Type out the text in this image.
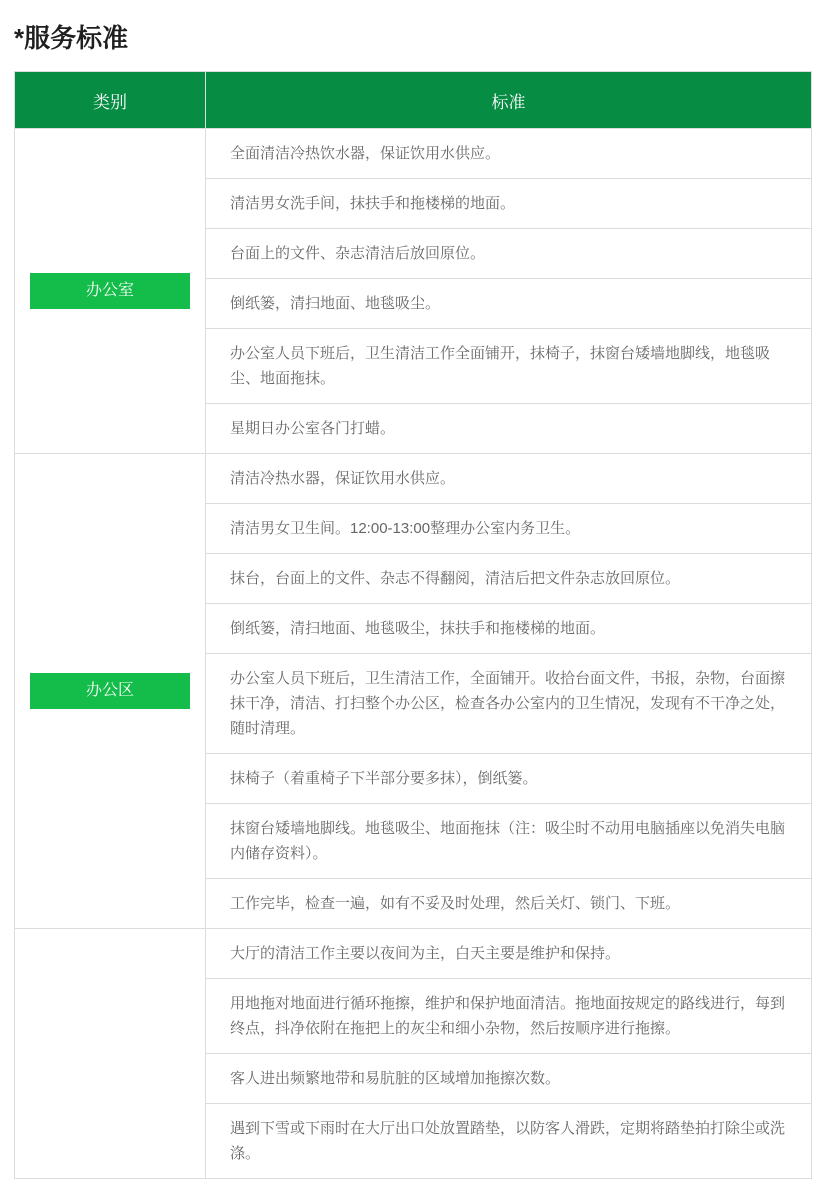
*服务标准
类别	标准
办公室	全面清洁冷热饮水器，保证饮用水供应。
	清洁男女洗手间，抹扶手和拖楼梯的地面。
	台面上的文件、杂志清洁后放回原位。
	倒纸篓，清扫地面、地毯吸尘。
	办公室人员下班后，卫生清洁工作全面铺开，抹椅子，抹窗台矮墙地脚线，地毯吸尘、地面拖抹。
	星期日办公室各门打蜡。
办公区	清洁冷热水器，保证饮用水供应。
	清洁男女卫生间。12:00-13:00整理办公室内务卫生。
	抹台，台面上的文件、杂志不得翻阅，清洁后把文件杂志放回原位。
	倒纸篓，清扫地面、地毯吸尘，抹扶手和拖楼梯的地面。
	办公室人员下班后，卫生清洁工作，全面铺开。收拾台面文件，书报，杂物，台面擦抹干净，清洁、打扫整个办公区，检查各办公室内的卫生情况，发现有不干净之处，随时清理。
	抹椅子（着重椅子下半部分要多抹），倒纸篓。
	抹窗台矮墙地脚线。地毯吸尘、地面拖抹（注：吸尘时不动用电脑插座以免消失电脑内储存资料）。
	工作完毕，检查一遍，如有不妥及时处理，然后关灯、锁门、下班。
	大厅的清洁工作主要以夜间为主，白天主要是维护和保持。
	用地拖对地面进行循环拖擦，维护和保护地面清洁。拖地面按规定的路线进行，每到终点，抖净依附在拖把上的灰尘和细小杂物，然后按顺序进行拖擦。
	客人进出频繁地带和易肮脏的区域增加拖擦次数。
	遇到下雪或下雨时在大厅出口处放置踏垫，以防客人滑跌，定期将踏垫拍打除尘或洗涤。
